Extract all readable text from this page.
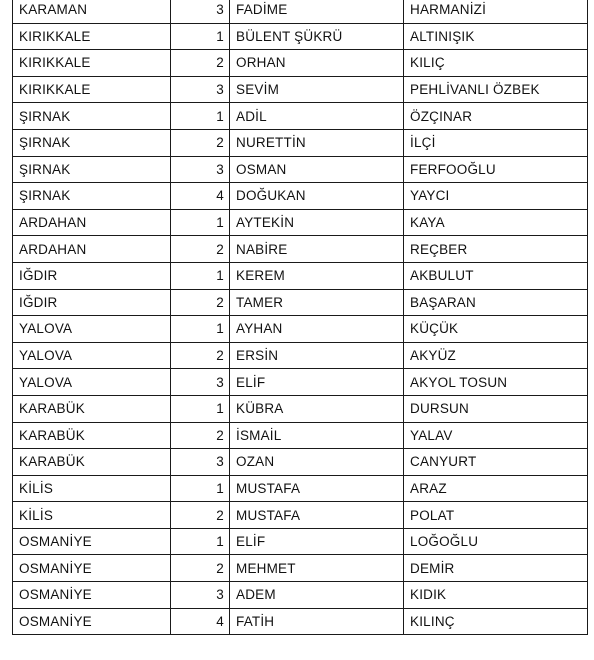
KARAMAN	3	FADİME	HARMANİZİ
KIRIKKALE	1	BÜLENT ŞÜKRÜ	ALTINIŞIK
KIRIKKALE	2	ORHAN	KILIÇ
KIRIKKALE	3	SEVİM	PEHLİVANLI ÖZBEK
ŞIRNAK	1	ADİL	ÖZÇINAR
ŞIRNAK	2	NURETTİN	İLÇİ
ŞIRNAK	3	OSMAN	FERFOOĞLU
ŞIRNAK	4	DOĞUKAN	YAYCI
ARDAHAN	1	AYTEKİN	KAYA
ARDAHAN	2	NABİRE	REÇBER
IĞDIR	1	KEREM	AKBULUT
IĞDIR	2	TAMER	BAŞARAN
YALOVA	1	AYHAN	KÜÇÜK
YALOVA	2	ERSİN	AKYÜZ
YALOVA	3	ELİF	AKYOL TOSUN
KARABÜK	1	KÜBRA	DURSUN
KARABÜK	2	İSMAİL	YALAV
KARABÜK	3	OZAN	CANYURT
KİLİS	1	MUSTAFA	ARAZ
KİLİS	2	MUSTAFA	POLAT
OSMANİYE	1	ELİF	LOĞOĞLU
OSMANİYE	2	MEHMET	DEMİR
OSMANİYE	3	ADEM	KIDIK
OSMANİYE	4	FATİH	KILINÇ
